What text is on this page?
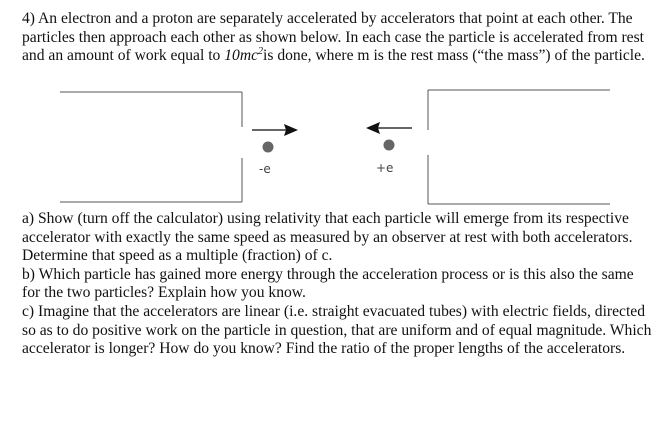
4) An electron and a proton are separately accelerated by accelerators that point at each other. The particles then approach each other as shown below. In each case the particle is accelerated from rest and an amount of work equal to $10mc^2is$ done, where m is the rest mass (“the mass”) of the particle.

-e	+e
a) Show (turn off the calculator) using relativity that each particle will emerge from its respective accelerator with exactly the same speed as measured by an observer at rest with both accelerators. Determine that speed as a multiple (fraction) of c.
b) Which particle has gained more energy through the acceleration process or is this also the same for the two particles? Explain how you know.
c) Imagine that the accelerators are linear (i.e. straight evacuated tubes) with electric fields, directed so as to do positive work on the particle in question, that are uniform and of equal magnitude. Which accelerator is longer? How do you know? Find the ratio of the proper lengths of the accelerators.
